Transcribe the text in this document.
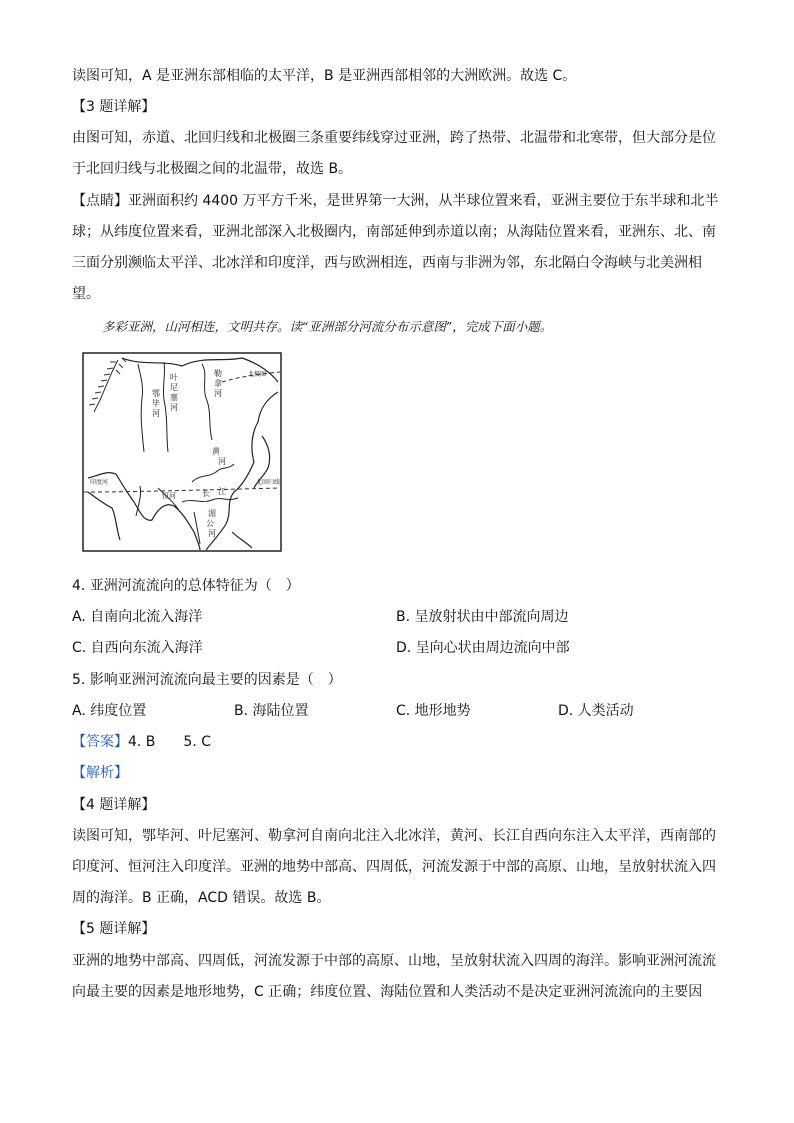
读图可知，A 是亚洲东部相临的太平洋，B 是亚洲西部相邻的大洲欧洲。故选 C。
【3 题详解】
由图可知，赤道、北回归线和北极圈三条重要纬线穿过亚洲，跨了热带、北温带和北寒带，但大部分是位
于北回归线与北极圈之间的北温带，故选 B。
【点睛】亚洲面积约 4400 万平方千米，是世界第一大洲，从半球位置来看，亚洲主要位于东半球和北半
球；从纬度位置来看，亚洲北部深入北极圈内，南部延伸到赤道以南；从海陆位置来看，亚洲东、北、南
三面分别濒临太平洋、北冰洋和印度洋，西与欧洲相连，西南与非洲为邻，东北隔白令海峡与北美洲相
望。
多彩亚洲，山河相连，文明共存。读“亚洲部分河流分布示意图”，完成下面小题。
叶
尼
塞
河
鄂
毕
河
勒
拿
河
北极圈
黄
河
长 江
北回归线
印度河
恒河
湄
公
河
4. 亚洲河流流向的总体特征为（　）
A. 自南向北流入海洋	B. 呈放射状由中部流向周边
C. 自西向东流入海洋	D. 呈向心状由周边流向中部
5. 影响亚洲河流流向最主要的因素是（　）
A. 纬度位置	B. 海陆位置	C. 地形地势	D. 人类活动
【答案】4. B　　5. C
【解析】
【4 题详解】
读图可知，鄂毕河、叶尼塞河、勒拿河自南向北注入北冰洋，黄河、长江自西向东注入太平洋，西南部的
印度河、恒河注入印度洋。亚洲的地势中部高、四周低，河流发源于中部的高原、山地，呈放射状流入四
周的海洋。B 正确，ACD 错误。故选 B。
【5 题详解】
亚洲的地势中部高、四周低，河流发源于中部的高原、山地，呈放射状流入四周的海洋。影响亚洲河流流
向最主要的因素是地形地势，C 正确；纬度位置、海陆位置和人类活动不是决定亚洲河流流向的主要因
